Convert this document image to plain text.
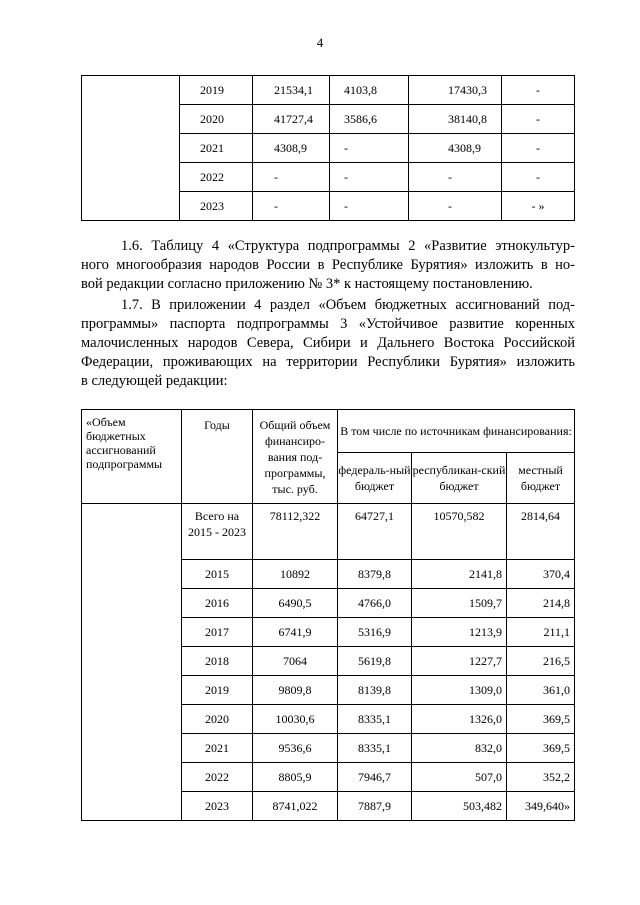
4
	2019	21534,1	4103,8	17430,3	-
	2020	41727,4	3586,6	38140,8	-
	2021	4308,9	-	4308,9	-
	2022	-	-	-	-
	2023	-	-	-	- »

1.6. Таблицу 4 «Структура подпрограммы 2 «Развитие этнокультур-
ного многообразия народов России в Республике Бурятия» изложить в но-
вой редакции согласно приложению № 3* к настоящему постановлению.

1.7. В приложении 4 раздел «Объем бюджетных ассигнований под-
программы» паспорта подпрограммы 3 «Устойчивое развитие коренных
малочисленных народов Севера, Сибири и Дальнего Востока Российской
Федерации, проживающих на территории Республики Бурятия» изложить
в следующей редакции:

«Объем бюджетных ассигнований подпрограммы	Годы	Общий объем финансиро-вания под-программы, тыс. руб.	В том числе по источникам финансирования:		
			федераль-ный бюджет	республикан-ский бюджет	местный бюджет
	Всего на 2015 - 2023	78112,322	64727,1	10570,582	2814,64
	2015	10892	8379,8	2141,8	370,4
	2016	6490,5	4766,0	1509,7	214,8
	2017	6741,9	5316,9	1213,9	211,1
	2018	7064	5619,8	1227,7	216,5
	2019	9809,8	8139,8	1309,0	361,0
	2020	10030,6	8335,1	1326,0	369,5
	2021	9536,6	8335,1	832,0	369,5
	2022	8805,9	7946,7	507,0	352,2
	2023	8741,022	7887,9	503,482	349,640»
